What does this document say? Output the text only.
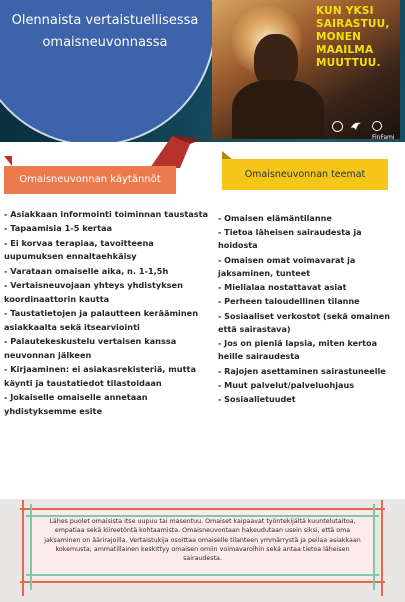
Olennaista vertaistuellisessa
omaisneuvonnassa
KUN YKSI
SAIRASTUU,
MONEN
MAAILMA
MUUTTUU.
FinFami
Omaisneuvonnan käytännöt	Omaisneuvonnan teemat
- Asiakkaan informointi toiminnan taustasta
- Tapaamisia 1-5 kertaa
- Ei korvaa terapiaa, tavoitteena uupumuksen ennaltaehkäisy
- Varataan omaiselle aika, n. 1-1,5h
- Vertaisneuvojaan yhteys yhdistyksen koordinaattorin kautta
- Taustatietojen ja palautteen kerääminen asiakkaalta sekä itsearviointi
- Palautekeskustelu vertaisen kanssa neuvonnan jälkeen
- Kirjaaminen: ei asiakasrekisteriä, mutta käynti ja taustatiedot tilastoidaan
- Jokaiselle omaiselle annetaan yhdistyksemme esite
- Omaisen elämäntilanne
- Tietoa läheisen sairaudesta ja hoidosta
- Omaisen omat voimavarat ja jaksaminen, tunteet
- Mielialaa nostattavat asiat
- Perheen taloudellinen tilanne
- Sosiaaliset verkostot (sekä omainen että sairastava)
- Jos on pieniä lapsia, miten kertoa heille sairaudesta
- Rajojen asettaminen sairastuneelle
- Muut palvelut/palveluohjaus
- Sosiaalietuudet
Lähes puolet omaisista itse uupuu tai masentuu. Omaiset kaipaavat työntekijältä kuuntelutaitoa, empatiaa sekä kiireetöntä kohtaamista. Omaisneuvontaan hakeudutaan usein siksi, että oma jaksaminen on äärirajoilla. Vertaistukija osoittaa omaiselle tilanteen ymmärrystä ja peilaa asiakkaan kokemusta; ammatillainen keskittyy omaisen omiin voimavaroihin sekä antaa tietoa läheisen sairaudesta.
